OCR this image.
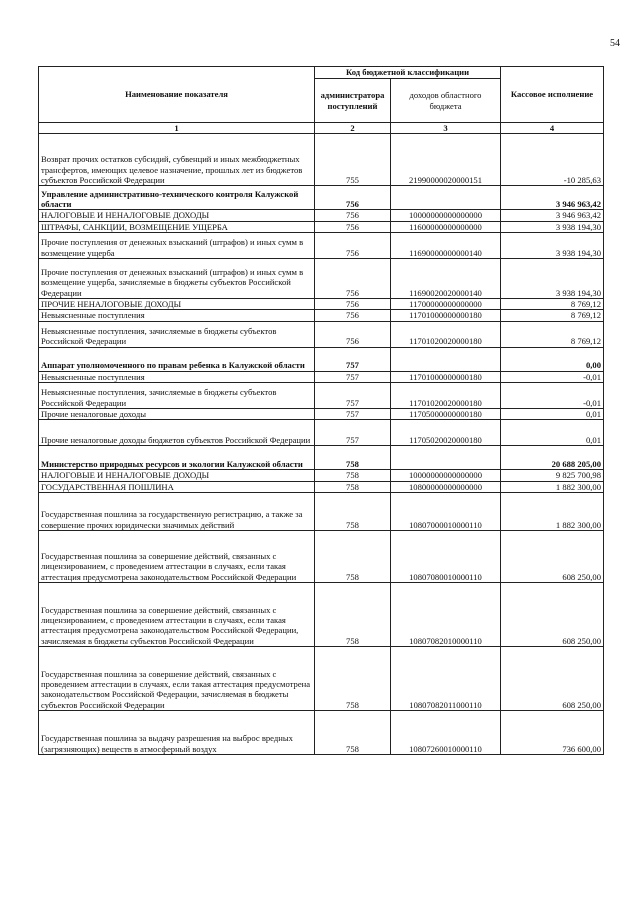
54
Наименование показателя	Код бюджетной классификации		Кассовое исполнение
	администратора поступлений	доходов областного бюджета	
1	2	3	4
Возврат прочих остатков субсидий, субвенций и иных межбюджетных трансфертов, имеющих целевое назначение, прошлых лет из бюджетов субъектов Российской Федерации	755	21990000020000151	-10 285,63
Управление административно-технического контроля Калужской области	756		3 946 963,42
НАЛОГОВЫЕ И НЕНАЛОГОВЫЕ ДОХОДЫ	756	10000000000000000	3 946 963,42
ШТРАФЫ, САНКЦИИ, ВОЗМЕЩЕНИЕ УЩЕРБА	756	11600000000000000	3 938 194,30
Прочие поступления от денежных взысканий (штрафов) и иных сумм в возмещение ущерба	756	11690000000000140	3 938 194,30
Прочие поступления от денежных взысканий (штрафов) и иных сумм в возмещение ущерба, зачисляемые в бюджеты субъектов Российской Федерации	756	11690020020000140	3 938 194,30
ПРОЧИЕ НЕНАЛОГОВЫЕ ДОХОДЫ	756	11700000000000000	8 769,12
Невыясненные поступления	756	11701000000000180	8 769,12
Невыясненные поступления, зачисляемые в бюджеты субъектов Российской Федерации	756	11701020020000180	8 769,12
Аппарат уполномоченного по правам ребенка в Калужской области	757		0,00
Невыясненные поступления	757	11701000000000180	-0,01
Невыясненные поступления, зачисляемые в бюджеты субъектов Российской Федерации	757	11701020020000180	-0,01
Прочие неналоговые доходы	757	11705000000000180	0,01
Прочие неналоговые доходы бюджетов субъектов Российской Федерации	757	11705020020000180	0,01
Министерство природных ресурсов и экологии Калужской области	758		20 688 205,00
НАЛОГОВЫЕ И НЕНАЛОГОВЫЕ ДОХОДЫ	758	10000000000000000	9 825 700,98
ГОСУДАРСТВЕННАЯ ПОШЛИНА	758	10800000000000000	1 882 300,00
Государственная пошлина за государственную регистрацию, а также за совершение прочих юридически значимых действий	758	10807000010000110	1 882 300,00
Государственная пошлина за совершение действий, связанных с лицензированием, с проведением аттестации в случаях, если такая аттестация предусмотрена законодательством Российской Федерации	758	10807080010000110	608 250,00
Государственная пошлина за совершение действий, связанных с лицензированием, с проведением аттестации в случаях, если такая аттестация предусмотрена законодательством Российской Федерации, зачисляемая в бюджеты субъектов Российской Федерации	758	10807082010000110	608 250,00
Государственная пошлина за совершение действий, связанных с проведением аттестации в случаях, если такая аттестация предусмотрена законодательством Российской Федерации, зачисляемая в бюджеты субъектов Российской Федерации	758	10807082011000110	608 250,00
Государственная пошлина за выдачу разрешения на выброс вредных (загрязняющих) веществ в атмосферный воздух	758	10807260010000110	736 600,00
